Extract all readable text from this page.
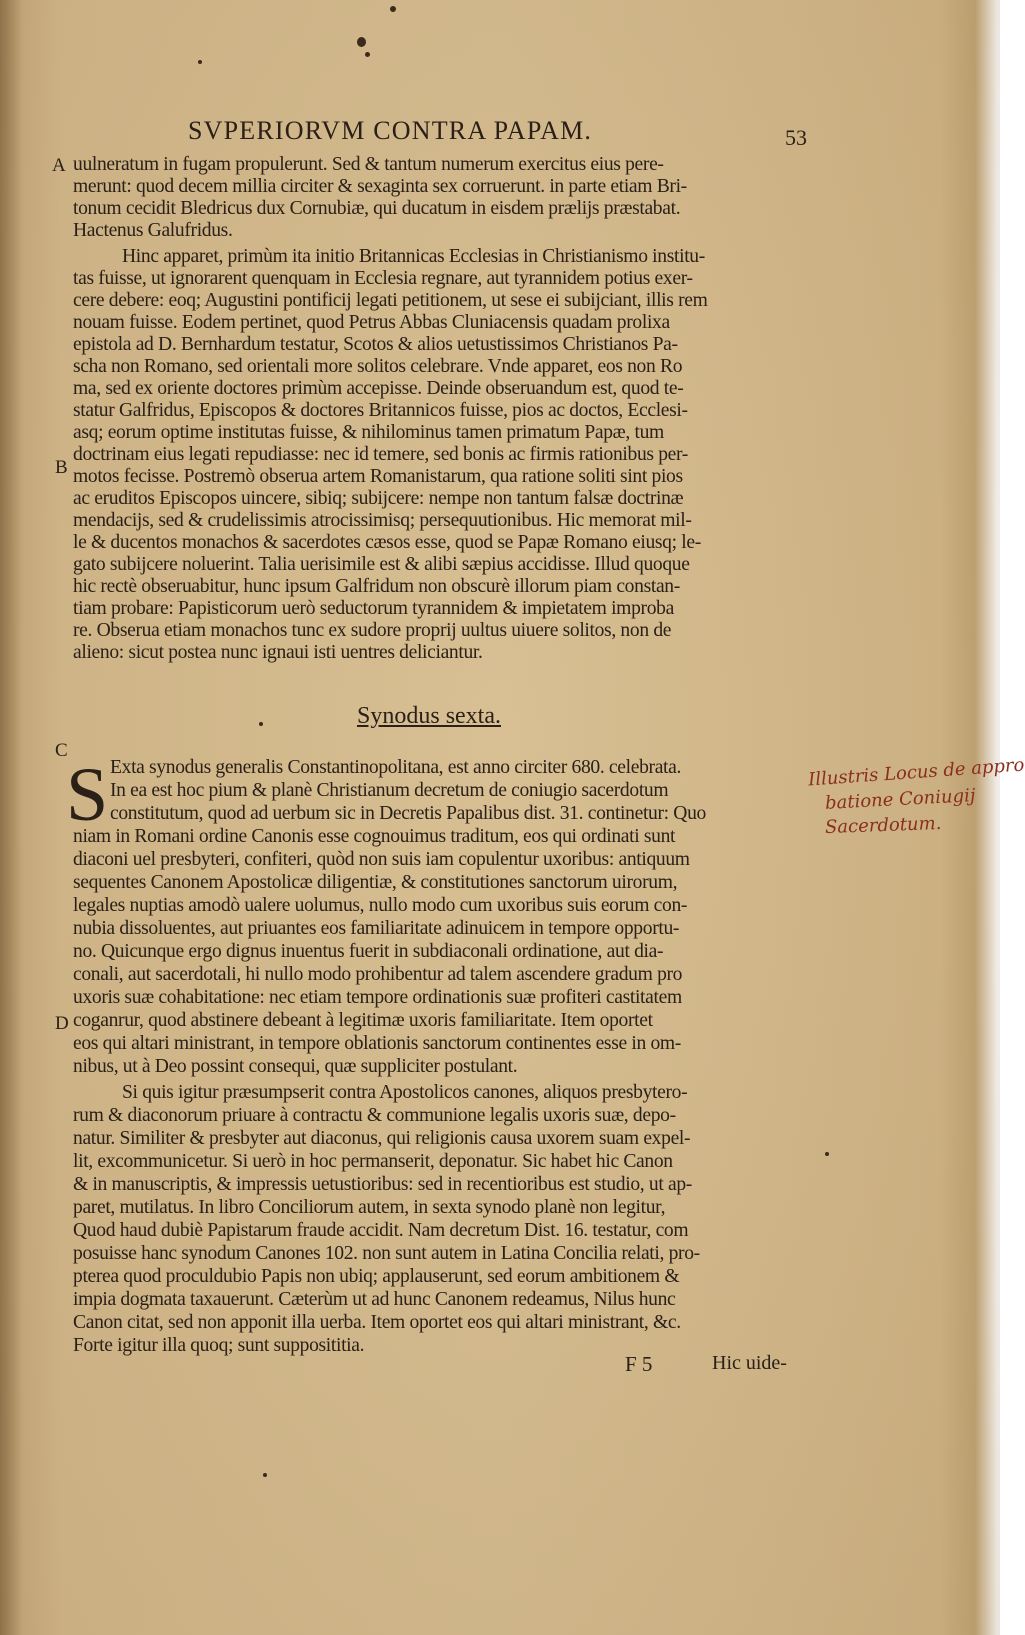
SVPERIORVM CONTRA PAPAM.	53
A
B
C
D
uulneratum in fugam propulerunt. Sed & tantum numerum exercitus eius pere-
merunt: quod decem millia circiter & sexaginta sex corruerunt. in parte etiam Bri-
tonum cecidit Bledricus dux Cornubiæ, qui ducatum in eisdem prælijs præstabat.
Hactenus Galufridus.
Hinc apparet, primùm ita initio Britannicas Ecclesias in Christianismo institu-
tas fuisse, ut ignorarent quenquam in Ecclesia regnare, aut tyrannidem potius exer-
cere debere: eoq; Augustini pontificij legati petitionem, ut sese ei subijciant, illis rem
nouam fuisse. Eodem pertinet, quod Petrus Abbas Cluniacensis quadam prolixa
epistola ad D. Bernhardum testatur, Scotos & alios uetustissimos Christianos Pa-
scha non Romano, sed orientali more solitos celebrare. Vnde apparet, eos non Ro
ma, sed ex oriente doctores primùm accepisse. Deinde obseruandum est, quod te-
statur Galfridus, Episcopos & doctores Britannicos fuisse, pios ac doctos, Ecclesi-
asq; eorum optime institutas fuisse, & nihilominus tamen primatum Papæ, tum
doctrinam eius legati repudiasse: nec id temere, sed bonis ac firmis rationibus per-
motos fecisse. Postremò obserua artem Romanistarum, qua ratione soliti sint pios
ac eruditos Episcopos uincere, sibiq; subijcere: nempe non tantum falsæ doctrinæ
mendacijs, sed & crudelissimis atrocissimisq; persequutionibus. Hic memorat mil-
le & ducentos monachos & sacerdotes cæsos esse, quod se Papæ Romano eiusq; le-
gato subijcere noluerint. Talia uerisimile est & alibi sæpius accidisse. Illud quoque
hic rectè obseruabitur, hunc ipsum Galfridum non obscurè illorum piam constan-
tiam probare: Papisticorum uerò seductorum tyrannidem & impietatem improba
re. Obserua etiam monachos tunc ex sudore proprij uultus uiuere solitos, non de
alieno: sicut postea nunc ignaui isti uentres deliciantur.
Synodus sexta.
S Exta synodus generalis Constantinopolitana, est anno circiter 680. celebrata.
In ea est hoc pium & planè Christianum decretum de coniugio sacerdotum
constitutum, quod ad uerbum sic in Decretis Papalibus dist. 31. continetur: Quo
niam in Romani ordine Canonis esse cognouimus traditum, eos qui ordinati sunt
diaconi uel presbyteri, confiteri, quòd non suis iam copulentur uxoribus: antiquum
sequentes Canonem Apostolicæ diligentiæ, & constitutiones sanctorum uirorum,
legales nuptias amodò ualere uolumus, nullo modo cum uxoribus suis eorum con-
nubia dissoluentes, aut priuantes eos familiaritate adinuicem in tempore opportu-
no. Quicunque ergo dignus inuentus fuerit in subdiaconali ordinatione, aut dia-
conali, aut sacerdotali, hi nullo modo prohibentur ad talem ascendere gradum pro
uxoris suæ cohabitatione: nec etiam tempore ordinationis suæ profiteri castitatem
coganrur, quod abstinere debeant à legitimæ uxoris familiaritate. Item oportet
eos qui altari ministrant, in tempore oblationis sanctorum continentes esse in om-
nibus, ut à Deo possint consequi, quæ suppliciter postulant.
Si quis igitur præsumpserit contra Apostolicos canones, aliquos presbytero-
rum & diaconorum priuare à contractu & communione legalis uxoris suæ, depo-
natur. Similiter & presbyter aut diaconus, qui religionis causa uxorem suam expel-
lit, excommunicetur. Si uerò in hoc permanserit, deponatur. Sic habet hic Canon
& in manuscriptis, & impressis uetustioribus: sed in recentioribus est studio, ut ap-
paret, mutilatus. In libro Conciliorum autem, in sexta synodo planè non legitur,
Quod haud dubiè Papistarum fraude accidit. Nam decretum Dist. 16. testatur, com
posuisse hanc synodum Canones 102. non sunt autem in Latina Concilia relati, pro-
pterea quod proculdubio Papis non ubiq; applauserunt, sed eorum ambitionem &
impia dogmata taxauerunt. Cæterùm ut ad hunc Canonem redeamus, Nilus hunc
Canon citat, sed non apponit illa uerba. Item oportet eos qui altari ministrant, &c.
Forte igitur illa quoq; sunt supposititia.
F 5	Hic uide-
Illustris Locus de appro
batione Coniugij
Sacerdotum.
